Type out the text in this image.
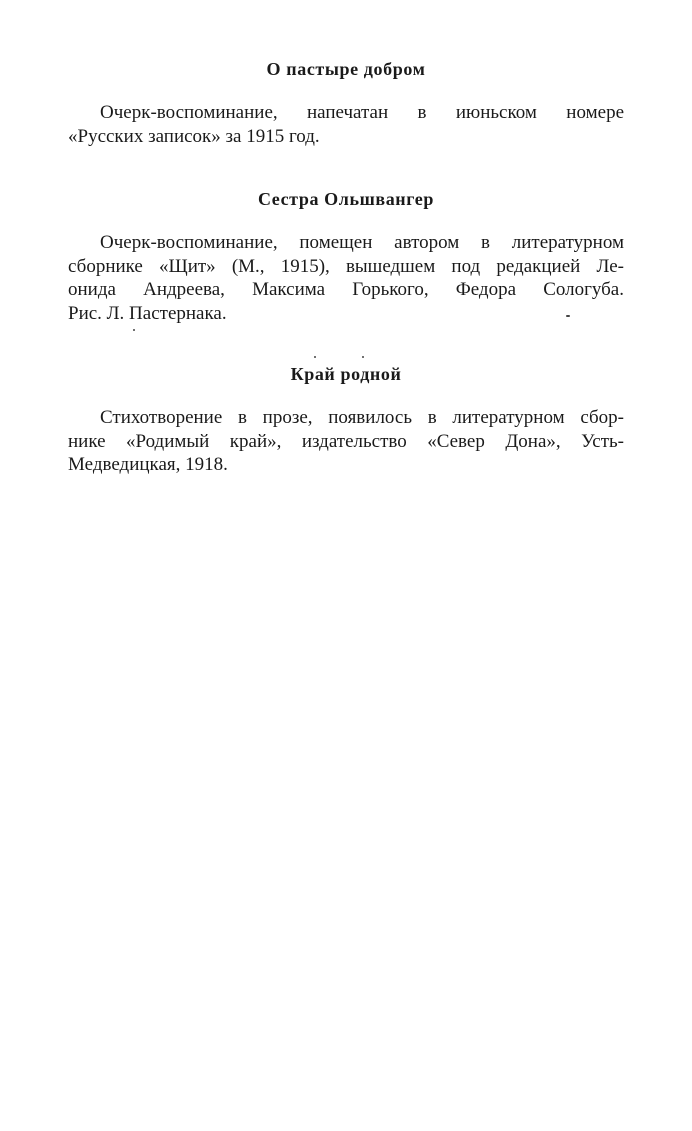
О пастыре добром

Очерк-воспоминание, напечатан в июньском номере

«Русских записок» за 1915 год.

Сестра Ольшвангер

Очерк-воспоминание, помещен автором в литературном

сборнике «Щит» (М., 1915), вышедшем под редакцией Ле-

онида Андреева, Максима Горького, Федора Сологуба.

Рис. Л. Пастернака.

Край родной

Стихотворение в прозе, появилось в литературном сбор-

нике «Родимый край», издательство «Север Дона», Усть-

Медведицкая, 1918.
